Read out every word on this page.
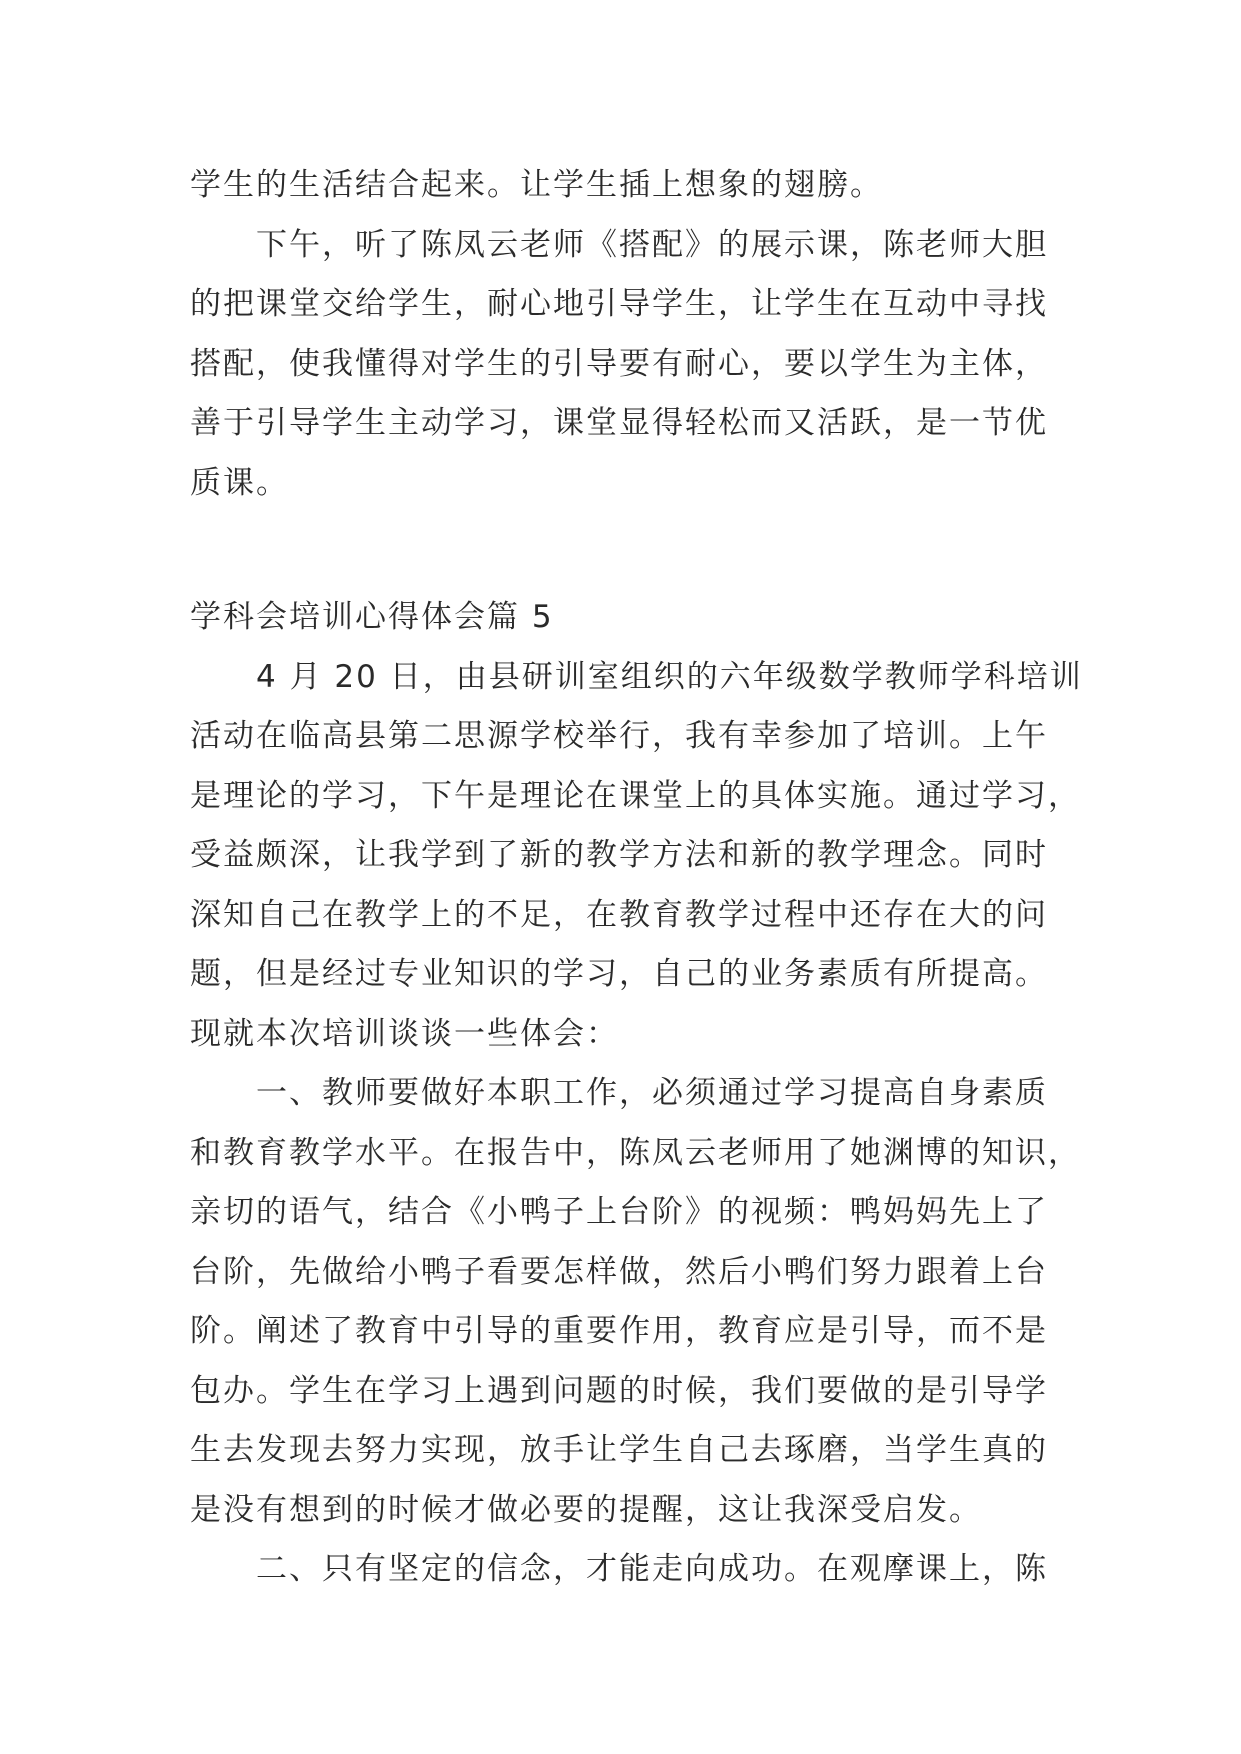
学生的生活结合起来。让学生插上想象的翅膀。
下午，听了陈凤云老师《搭配》的展示课，陈老师大胆
的把课堂交给学生，耐心地引导学生，让学生在互动中寻找
搭配，使我懂得对学生的引导要有耐心，要以学生为主体，
善于引导学生主动学习，课堂显得轻松而又活跃，是一节优
质课。
学科会培训心得体会篇 5
4 月 20 日，由县研训室组织的六年级数学教师学科培训
活动在临高县第二思源学校举行，我有幸参加了培训。上午
是理论的学习，下午是理论在课堂上的具体实施。通过学习，
受益颇深，让我学到了新的教学方法和新的教学理念。同时
深知自己在教学上的不足，在教育教学过程中还存在大的问
题，但是经过专业知识的学习，自己的业务素质有所提高。
现就本次培训谈谈一些体会：
一、教师要做好本职工作，必须通过学习提高自身素质
和教育教学水平。在报告中，陈凤云老师用了她渊博的知识，
亲切的语气，结合《小鸭子上台阶》的视频：鸭妈妈先上了
台阶，先做给小鸭子看要怎样做，然后小鸭们努力跟着上台
阶。阐述了教育中引导的重要作用，教育应是引导，而不是
包办。学生在学习上遇到问题的时候，我们要做的是引导学
生去发现去努力实现，放手让学生自己去琢磨，当学生真的
是没有想到的时候才做必要的提醒，这让我深受启发。
二、只有坚定的信念，才能走向成功。在观摩课上，陈
